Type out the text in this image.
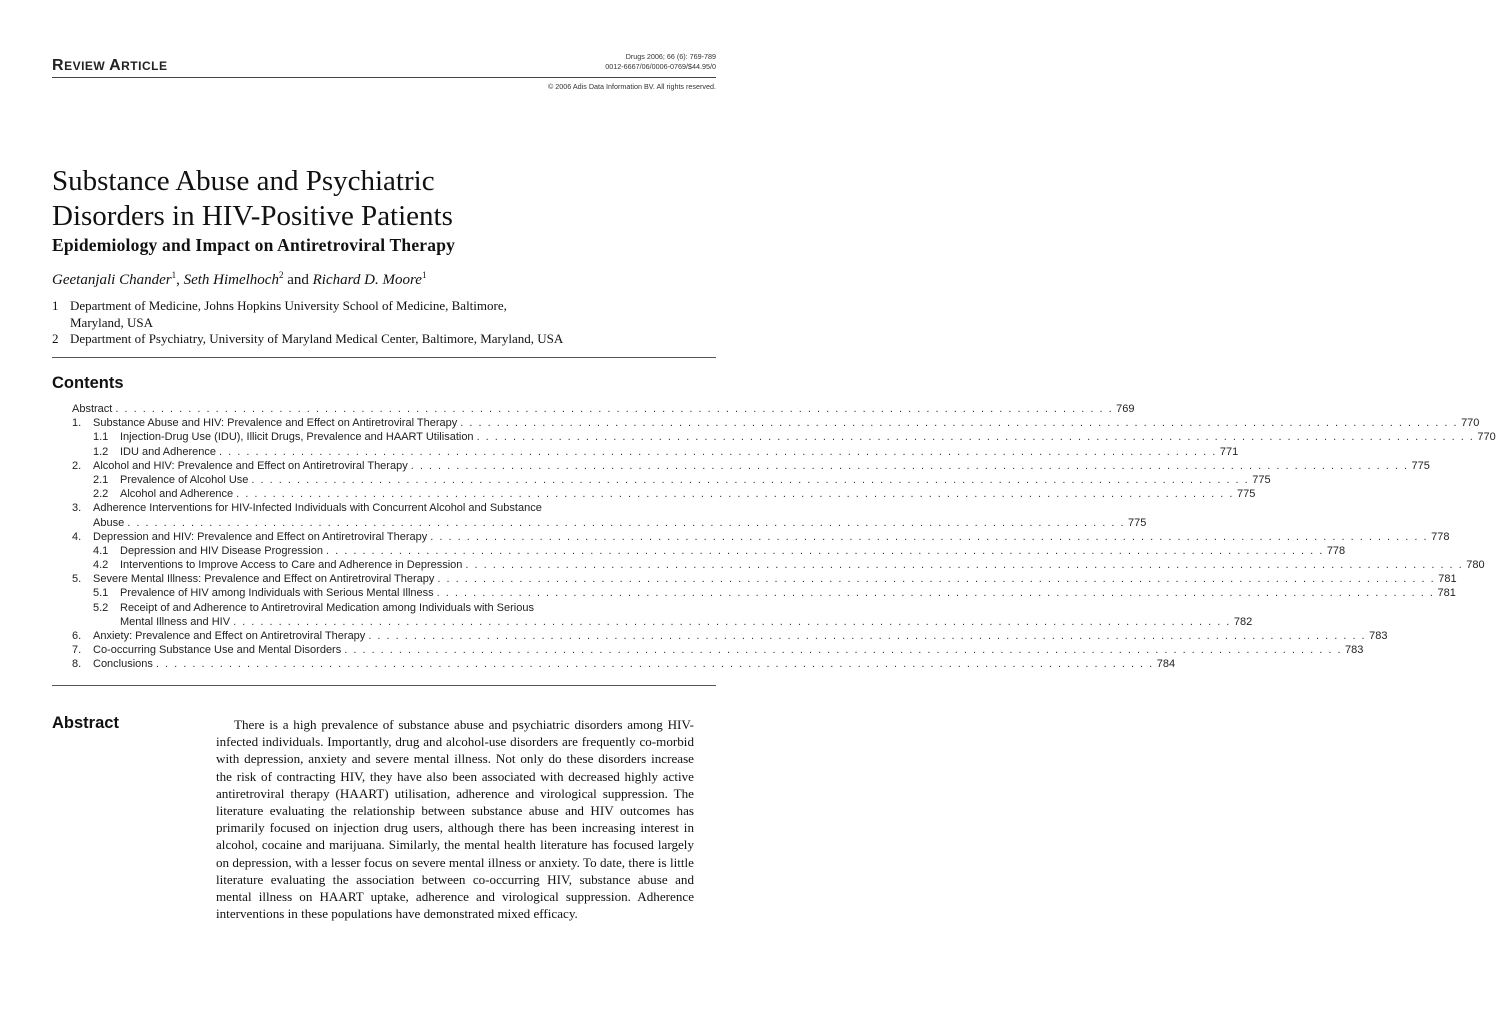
REVIEW ARTICLE
Drugs 2006; 66 (6): 769-789
0012-6667/06/0006-0769/$44.95/0
© 2006 Adis Data Information BV. All rights reserved.
Substance Abuse and Psychiatric
Disorders in HIV-Positive Patients
Epidemiology and Impact on Antiretroviral Therapy
Geetanjali Chander$^1$, Seth Himelhoch$^2$ and Richard D. Moore$^1$
1 Department of Medicine, Johns Hopkins University School of Medicine, Baltimore,
Maryland, USA
2 Department of Psychiatry, University of Maryland Medical Center, Baltimore, Maryland, USA
Contents
Abstract . . . . . . . . . . . . . . . . . . . . . . . . . . . . . . . . . . . . . . . . . . . . . . . . . . . . . . . . . . . . . . . . . . . . . . . . . . . . . . . . . . . . . . . . . . . . . . . . . . . . . . . . . . . . . . 769
1.	Substance Abuse and HIV: Prevalence and Effect on Antiretroviral Therapy . . . . . . . . . . . . . . . . . . . . . . . . . . . . . . . . . . . . . . . . . . . . . . . . . . . . . . . . . . . . . . . . . . . . . . . . . . . . . . . . . . . . . . . . . . . . . . . . . . . . . . . . . . . . . . 770
1.1	Injection-Drug Use (IDU), Illicit Drugs, Prevalence and HAART Utilisation . . . . . . . . . . . . . . . . . . . . . . . . . . . . . . . . . . . . . . . . . . . . . . . . . . . . . . . . . . . . . . . . . . . . . . . . . . . . . . . . . . . . . . . . . . . . . . . . . . . . . . . . . . . . . . 770
1.2	IDU and Adherence . . . . . . . . . . . . . . . . . . . . . . . . . . . . . . . . . . . . . . . . . . . . . . . . . . . . . . . . . . . . . . . . . . . . . . . . . . . . . . . . . . . . . . . . . . . . . . . . . . . . . . . . . . . . . . 771
2.	Alcohol and HIV: Prevalence and Effect on Antiretroviral Therapy . . . . . . . . . . . . . . . . . . . . . . . . . . . . . . . . . . . . . . . . . . . . . . . . . . . . . . . . . . . . . . . . . . . . . . . . . . . . . . . . . . . . . . . . . . . . . . . . . . . . . . . . . . . . . . 775
2.1	Prevalence of Alcohol Use . . . . . . . . . . . . . . . . . . . . . . . . . . . . . . . . . . . . . . . . . . . . . . . . . . . . . . . . . . . . . . . . . . . . . . . . . . . . . . . . . . . . . . . . . . . . . . . . . . . . . . . . . . . . . . 775
2.2	Alcohol and Adherence . . . . . . . . . . . . . . . . . . . . . . . . . . . . . . . . . . . . . . . . . . . . . . . . . . . . . . . . . . . . . . . . . . . . . . . . . . . . . . . . . . . . . . . . . . . . . . . . . . . . . . . . . . . . . . 775
3.	Adherence Interventions for HIV-Infected Individuals with Concurrent Alcohol and Substance
Abuse . . . . . . . . . . . . . . . . . . . . . . . . . . . . . . . . . . . . . . . . . . . . . . . . . . . . . . . . . . . . . . . . . . . . . . . . . . . . . . . . . . . . . . . . . . . . . . . . . . . . . . . . . . . . . . 775
4.	Depression and HIV: Prevalence and Effect on Antiretroviral Therapy . . . . . . . . . . . . . . . . . . . . . . . . . . . . . . . . . . . . . . . . . . . . . . . . . . . . . . . . . . . . . . . . . . . . . . . . . . . . . . . . . . . . . . . . . . . . . . . . . . . . . . . . . . . . . . 778
4.1	Depression and HIV Disease Progression . . . . . . . . . . . . . . . . . . . . . . . . . . . . . . . . . . . . . . . . . . . . . . . . . . . . . . . . . . . . . . . . . . . . . . . . . . . . . . . . . . . . . . . . . . . . . . . . . . . . . . . . . . . . . . 778
4.2	Interventions to Improve Access to Care and Adherence in Depression . . . . . . . . . . . . . . . . . . . . . . . . . . . . . . . . . . . . . . . . . . . . . . . . . . . . . . . . . . . . . . . . . . . . . . . . . . . . . . . . . . . . . . . . . . . . . . . . . . . . . . . . . . . . . . 780
5.	Severe Mental Illness: Prevalence and Effect on Antiretroviral Therapy . . . . . . . . . . . . . . . . . . . . . . . . . . . . . . . . . . . . . . . . . . . . . . . . . . . . . . . . . . . . . . . . . . . . . . . . . . . . . . . . . . . . . . . . . . . . . . . . . . . . . . . . . . . . . . 781
5.1	Prevalence of HIV among Individuals with Serious Mental Illness . . . . . . . . . . . . . . . . . . . . . . . . . . . . . . . . . . . . . . . . . . . . . . . . . . . . . . . . . . . . . . . . . . . . . . . . . . . . . . . . . . . . . . . . . . . . . . . . . . . . . . . . . . . . . . 781
5.2	Receipt of and Adherence to Antiretroviral Medication among Individuals with Serious
Mental Illness and HIV . . . . . . . . . . . . . . . . . . . . . . . . . . . . . . . . . . . . . . . . . . . . . . . . . . . . . . . . . . . . . . . . . . . . . . . . . . . . . . . . . . . . . . . . . . . . . . . . . . . . . . . . . . . . . . 782
6.	Anxiety: Prevalence and Effect on Antiretroviral Therapy . . . . . . . . . . . . . . . . . . . . . . . . . . . . . . . . . . . . . . . . . . . . . . . . . . . . . . . . . . . . . . . . . . . . . . . . . . . . . . . . . . . . . . . . . . . . . . . . . . . . . . . . . . . . . . 783
7.	Co-occurring Substance Use and Mental Disorders . . . . . . . . . . . . . . . . . . . . . . . . . . . . . . . . . . . . . . . . . . . . . . . . . . . . . . . . . . . . . . . . . . . . . . . . . . . . . . . . . . . . . . . . . . . . . . . . . . . . . . . . . . . . . . 783
8.	Conclusions . . . . . . . . . . . . . . . . . . . . . . . . . . . . . . . . . . . . . . . . . . . . . . . . . . . . . . . . . . . . . . . . . . . . . . . . . . . . . . . . . . . . . . . . . . . . . . . . . . . . . . . . . . . . . . 784
Abstract	There is a high prevalence of substance abuse and psychiatric disorders among HIV-infected individuals. Importantly, drug and alcohol-use disorders are frequently co-morbid with depression, anxiety and severe mental illness. Not only do these disorders increase the risk of contracting HIV, they have also been associated with decreased highly active antiretroviral therapy (HAART) utilisation, adherence and virological suppression. The literature evaluating the relationship between substance abuse and HIV outcomes has primarily focused on injection drug users, although there has been increasing interest in alcohol, cocaine and marijuana. Similarly, the mental health literature has focused largely on depression, with a lesser focus on severe mental illness or anxiety. To date, there is little literature evaluating the association between co-occurring HIV, substance abuse and mental illness on HAART uptake, adherence and virological suppression. Adherence interventions in these populations have demonstrated mixed efficacy.
